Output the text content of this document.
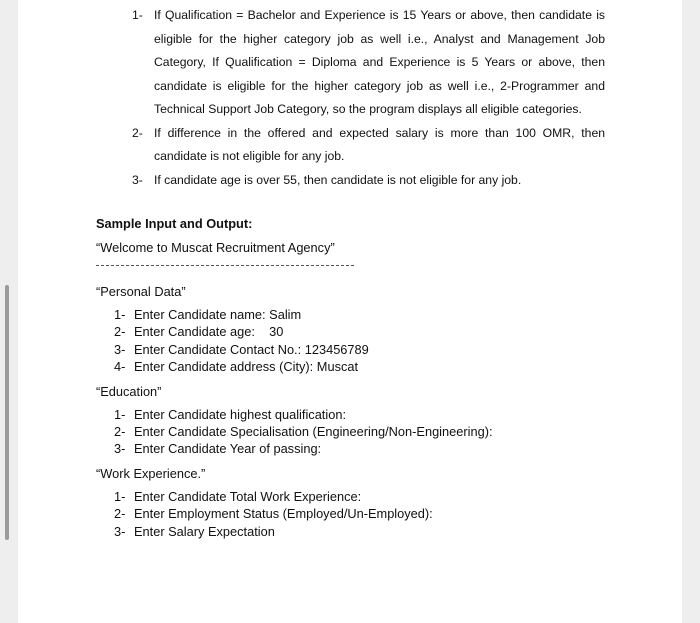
1- If Qualification = Bachelor and Experience is 15 Years or above, then candidate is eligible for the higher category job as well i.e., Analyst and Management Job Category, If Qualification = Diploma and Experience is 5 Years or above, then candidate is eligible for the higher category job as well i.e., 2-Programmer and Technical Support Job Category, so the program displays all eligible categories.
2- If difference in the offered and expected salary is more than 100 OMR, then candidate is not eligible for any job.
3- If candidate age is over 55, then candidate is not eligible for any job.
Sample Input and Output:
“Welcome to Muscat Recruitment Agency”
“Personal Data”
1- Enter Candidate name: Salim
2- Enter Candidate age:    30
3- Enter Candidate Contact No.: 123456789
4- Enter Candidate address (City): Muscat
“Education”
1- Enter Candidate highest qualification:
2- Enter Candidate Specialisation (Engineering/Non-Engineering):
3- Enter Candidate Year of passing:
“Work Experience.”
1- Enter Candidate Total Work Experience:
2- Enter Employment Status (Employed/Un-Employed):
3- Enter Salary Expectation
